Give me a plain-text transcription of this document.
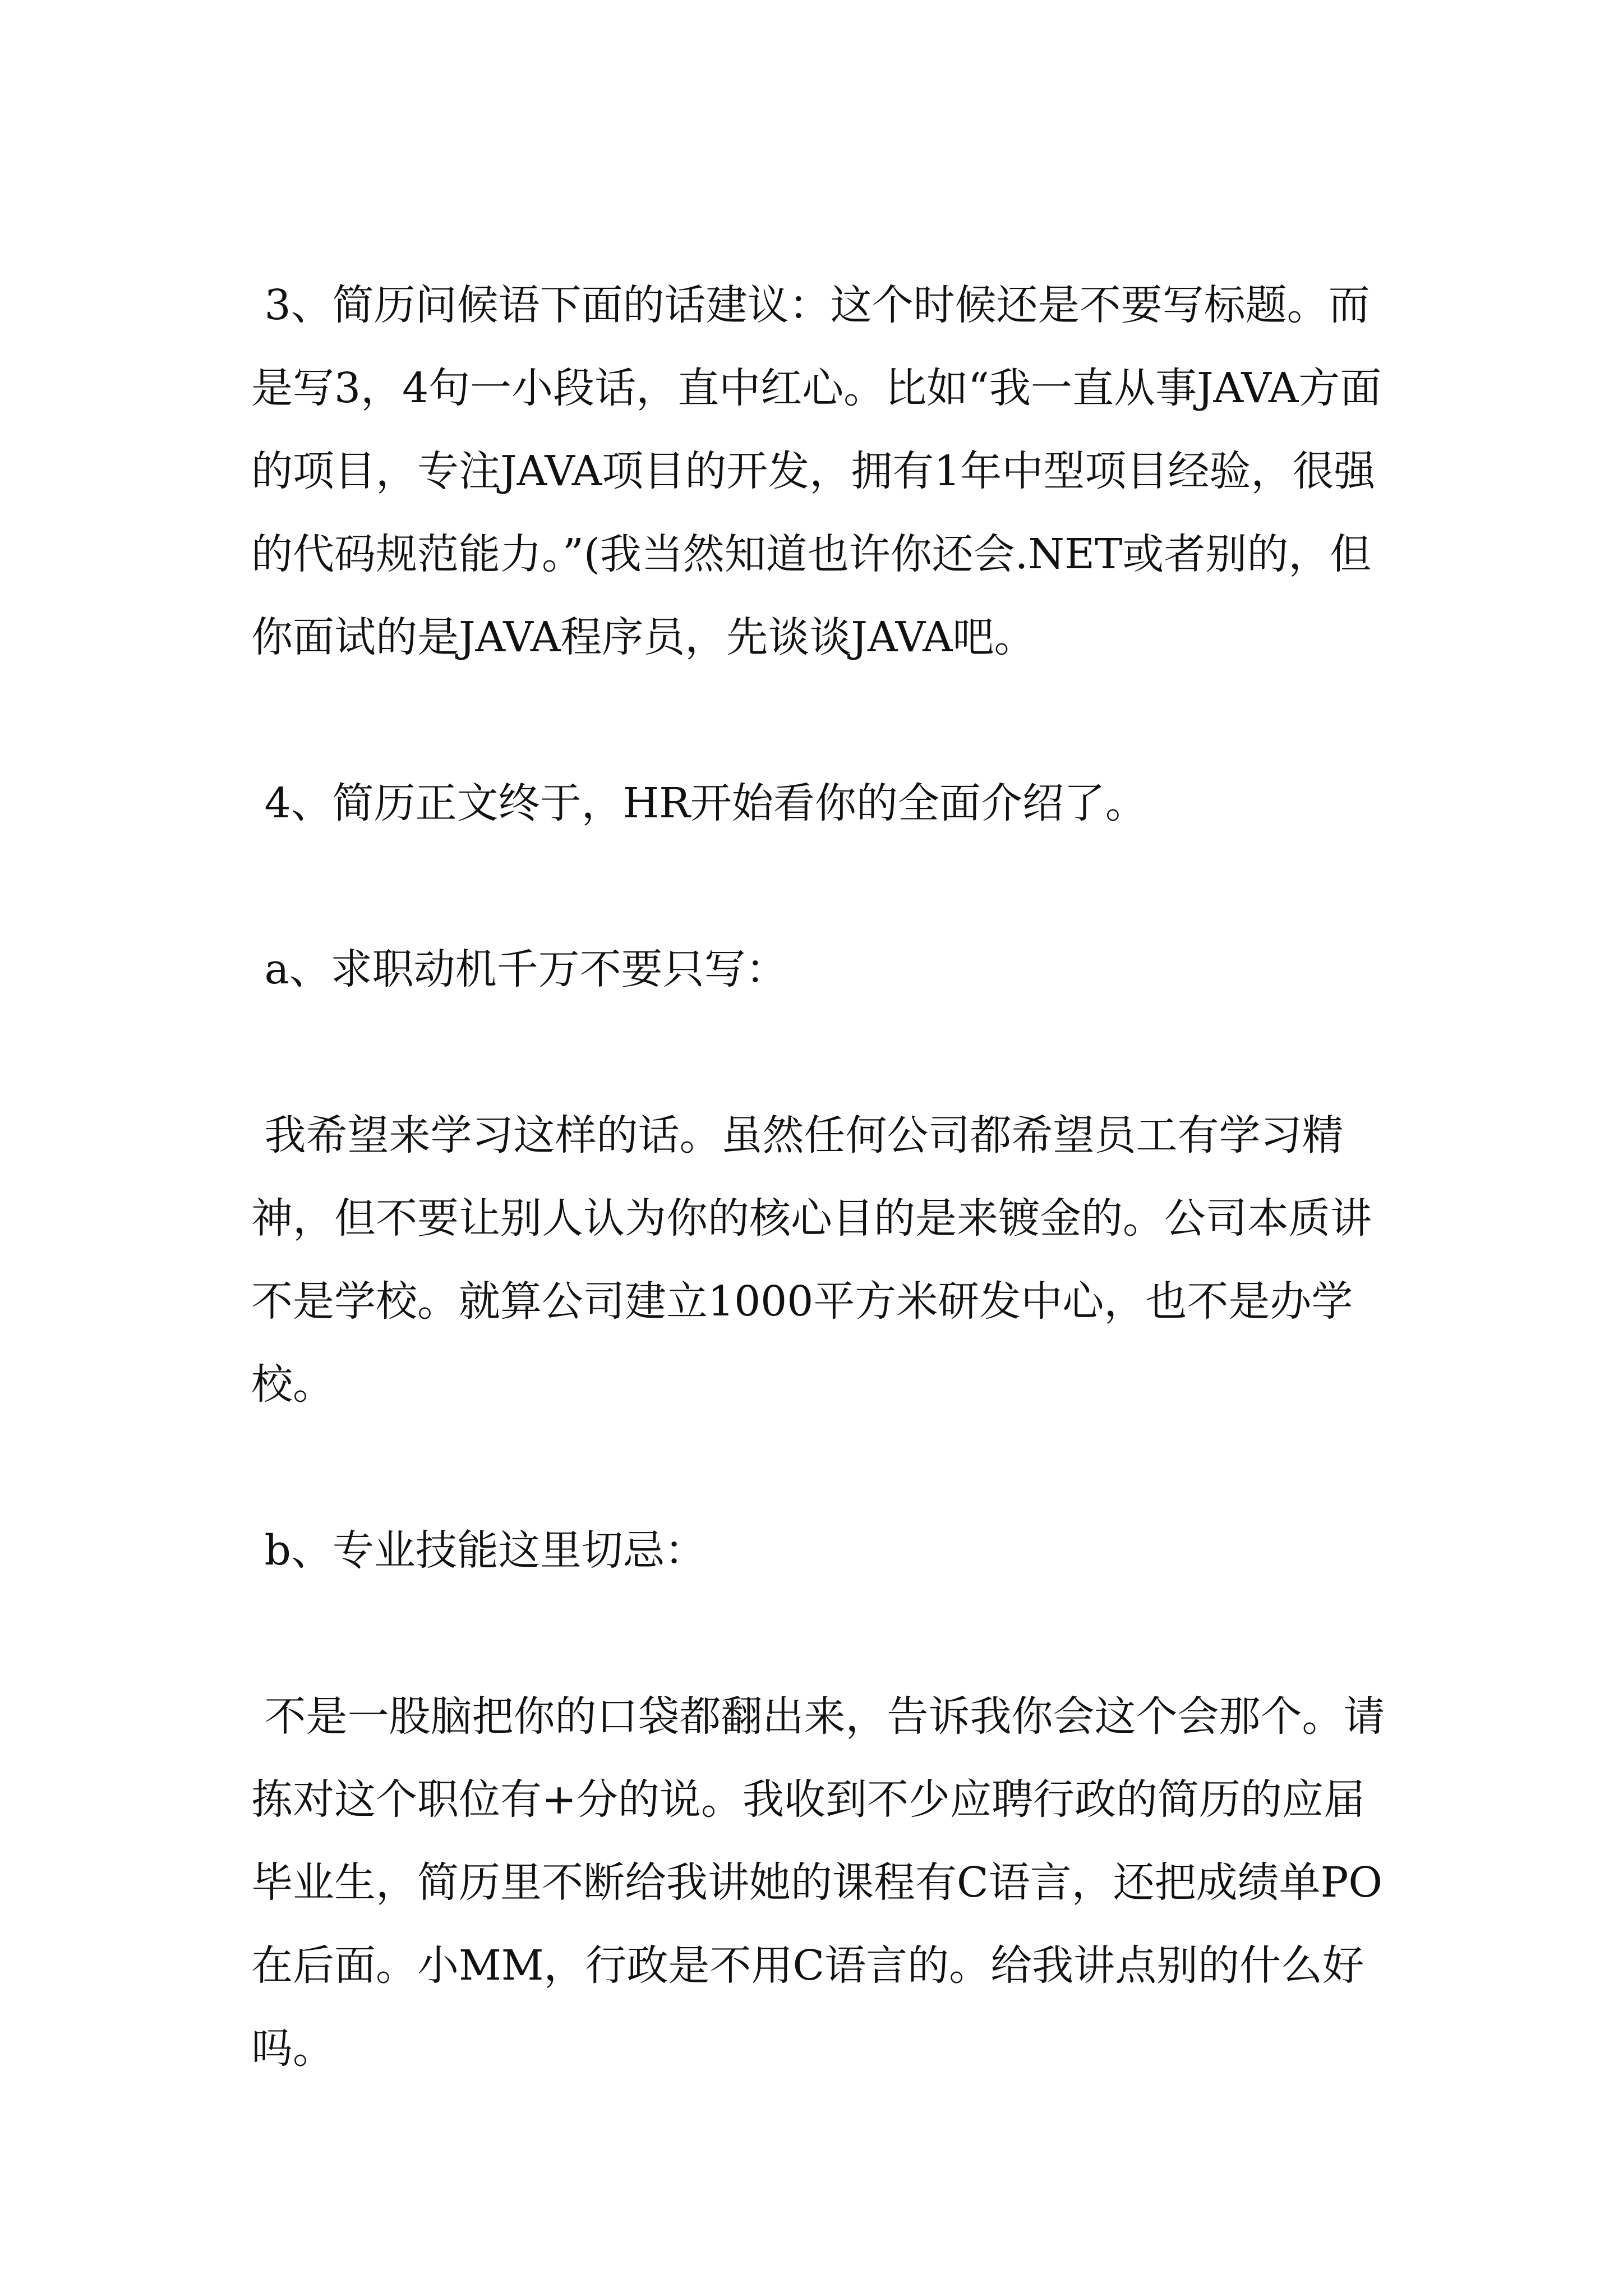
3、简历问候语下面的话建议：这个时候还是不要写标题。而是写3，4句一小段话，直中红心。比如“我一直从事JAVA方面的项目，专注JAVA项目的开发，拥有1年中型项目经验，很强的代码规范能力。”(我当然知道也许你还会.NET或者别的，但你面试的是JAVA程序员，先谈谈JAVA吧。

4、简历正文终于，HR开始看你的全面介绍了。

a、求职动机千万不要只写：

我希望来学习这样的话。虽然任何公司都希望员工有学习精神，但不要让别人认为你的核心目的是来镀金的。公司本质讲不是学校。就算公司建立1000平方米研发中心，也不是办学校。

b、专业技能这里切忌：

不是一股脑把你的口袋都翻出来，告诉我你会这个会那个。请拣对这个职位有+分的说。我收到不少应聘行政的简历的应届毕业生，简历里不断给我讲她的课程有C语言，还把成绩单PO在后面。小MM，行政是不用C语言的。给我讲点别的什么好吗。
